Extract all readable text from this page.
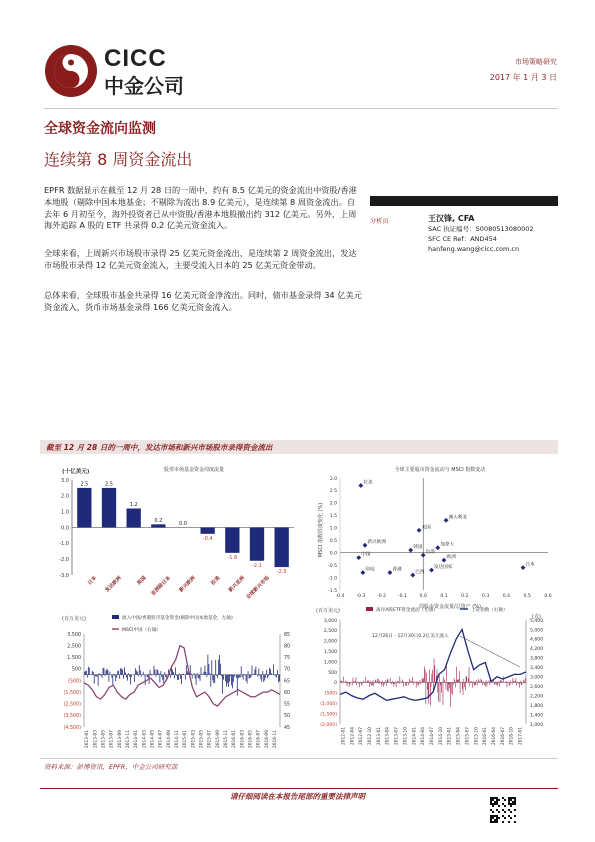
CICC
中金公司
市场策略研究
2017 年 1 月 3 日
全球资金流向监测
连续第 8 周资金流出
EPFR 数据显示在截至 12 月 28 日的一周中，约有 8.5 亿美元的资金流出中资股/香港本地股（剔除中国本地基金；不剔除为流出 8.9 亿美元），是连续第 8 周资金流出。自去年 6 月初至今，海外投资者已从中资股/香港本地股撤出约 312 亿美元。另外，上周海外追踪 A 股的 ETF 共录得 0.2 亿美元资金流入。
全球来看，上周新兴市场股市录得 25 亿美元资金流出，是连续第 2 周资金流出，发达市场股市录得 12 亿美元资金流入，主要受流入日本的 25 亿美元资金带动。
总体来看，全球股市基金共录得 16 亿美元资金净流出。同时，债市基金录得 34 亿美元资金流入，货币市场基金录得 166 亿美元资金流入。
分析员	王汉锋, CFA
SAC 执证编号：S0080513080002
SFC CE Ref：AND454
hanfeng.wang@cicc.com.cn
截至 12 月 28 日的一周中，发达市场和新兴市场股市录得资金流出
股票市场基金资金周度流量
(十亿美元)
3.0
2.0
1.0
0.0
-1.0
-2.0
-3.0	日本 发达欧洲	美国 亚洲除日本 新兴欧洲	拉美 新兴亚洲 全球新兴市场
2.5	2.5
1.2
0.2
0.0
-0.4
-1.6
-2.1
-2.5
全球主要股市资金流动与 MSCI 指数变动
周股市资金流量/总资产 (%)
MSCI 指数周度变化 (%)
3.0
2.5
2.0
1.5
1.0
0.5
0.0
-0.5
-1.0
-1.5
-0.4	-0.3	-0.2	-0.1	0.0	0.1	0.2	0.3	0.4	0.5	0.6
拉美
澳大利亚
美国
新兴欧洲
韩国	加拿大
中国	台湾
欧洲
日本
印度	香港	巴西
发达国家
(百万美元)	流入中国/香港股市基金资金(剔除中国本地基金，左轴)
MSCI中国（右轴）
3,500
2,500
1,500
500
(500)
(1,500)
(2,500)
(3,500)
(4,500)
85
80
75
70
65
60
55
50
45
2013-01 2013-03 2013-05 2013-07 2013-09 2013-11 2014-01 2014-03 2014-05 2014-07 2014-09 2014-11 2015-01 2015-03 2015-05 2015-07 2015-09 2015-11 2016-01 2016-03 2016-05 2016-07 2016-09 2016-11
(百万美元)
(点)
离岸A股ETF资金流动（左轴）	上证指数（右轴）
12月26日 - 12月30日0.2亿美元流入
3,000
2,500
2,000
1,500
1,000
500
0
(500)
(1,000)
(1,500)
(2,000)
5,400
5,000
4,600
4,200
3,800
3,400
3,000
2,600
2,200
1,800
1,400
1,000
2012-01 2012-04 2012-07 2012-10 2013-01 2013-04 2013-07 2013-10 2014-01 2014-04 2014-07 2014-10 2015-01 2015-04 2015-07 2015-10 2016-01 2016-04 2016-07 2016-10 2017-01
资料来源：彭博资讯，EPFR，中金公司研究部
请仔细阅读在本报告尾部的重要法律声明
